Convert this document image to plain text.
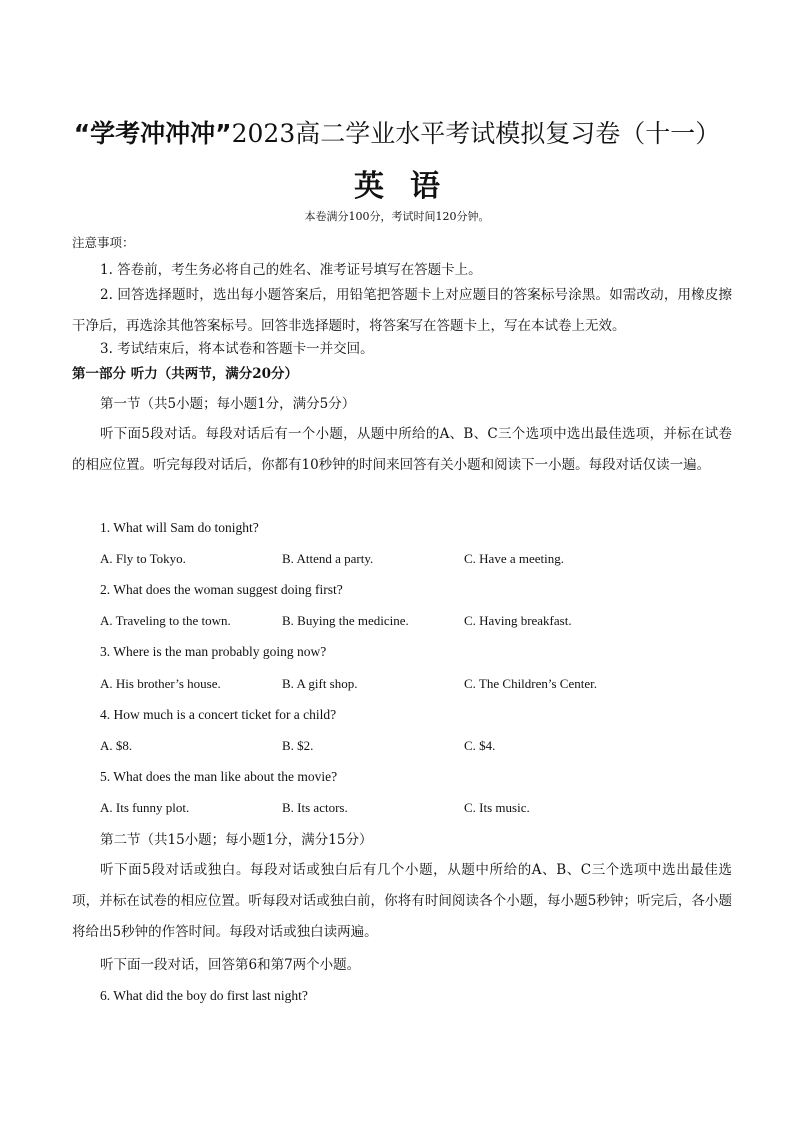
“学考冲冲冲”2023高二学业水平考试模拟复习卷（十一）
英语
本卷满分100分，考试时间120分钟。
注意事项：
1. 答卷前，考生务必将自己的姓名、准考证号填写在答题卡上。
2. 回答选择题时，选出每小题答案后，用铅笔把答题卡上对应题目的答案标号涂黑。如需改动，用橡皮擦干净后，再选涂其他答案标号。回答非选择题时，将答案写在答题卡上，写在本试卷上无效。
3. 考试结束后，将本试卷和答题卡一并交回。
第一部分 听力（共两节，满分20分）
第一节（共5小题；每小题1分，满分5分）
听下面5段对话。每段对话后有一个小题，从题中所给的A、B、C三个选项中选出最佳选项，并标在试卷的相应位置。听完每段对话后，你都有10秒钟的时间来回答有关小题和阅读下一小题。每段对话仅读一遍。
1. What will Sam do tonight?
A. Fly to Tokyo.	B. Attend a party.	C. Have a meeting.
2. What does the woman suggest doing first?
A. Traveling to the town.	B. Buying the medicine.	C. Having breakfast.
3. Where is the man probably going now?
A. His brother’s house.	B. A gift shop.	C. The Children’s Center.
4. How much is a concert ticket for a child?
A. $8.	B. $2.	C. $4.
5. What does the man like about the movie?
A. Its funny plot.	B. Its actors.	C. Its music.
第二节（共15小题；每小题1分，满分15分）
听下面5段对话或独白。每段对话或独白后有几个小题，从题中所给的A、B、C三个选项中选出最佳选项，并标在试卷的相应位置。听每段对话或独白前，你将有时间阅读各个小题，每小题5秒钟；听完后，各小题将给出5秒钟的作答时间。每段对话或独白读两遍。
听下面一段对话，回答第6和第7两个小题。
6. What did the boy do first last night?
